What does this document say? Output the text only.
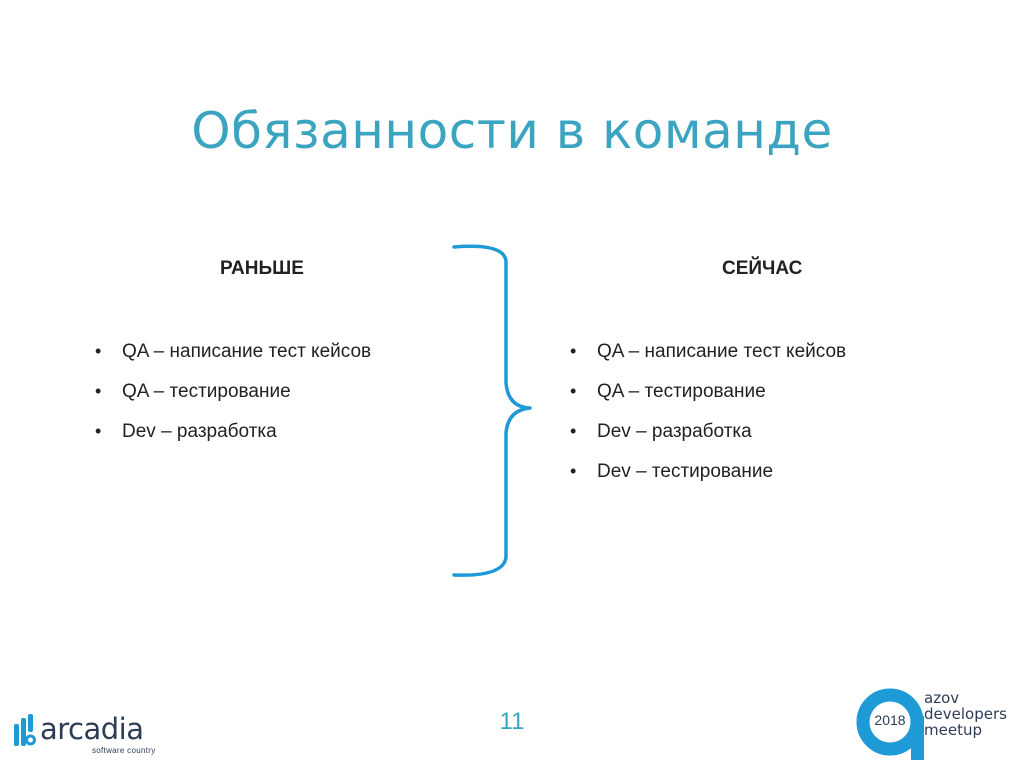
Обязанности в команде
РАНЬШЕ	СЕЙЧАС
• QA – написание тест кейсов
• QA – тестирование
• Dev – разработка
• QA – написание тест кейсов
• QA – тестирование
• Dev – разработка
• Dev – тестирование
11
arcadia
software country
2018
azov
developers
meetup
